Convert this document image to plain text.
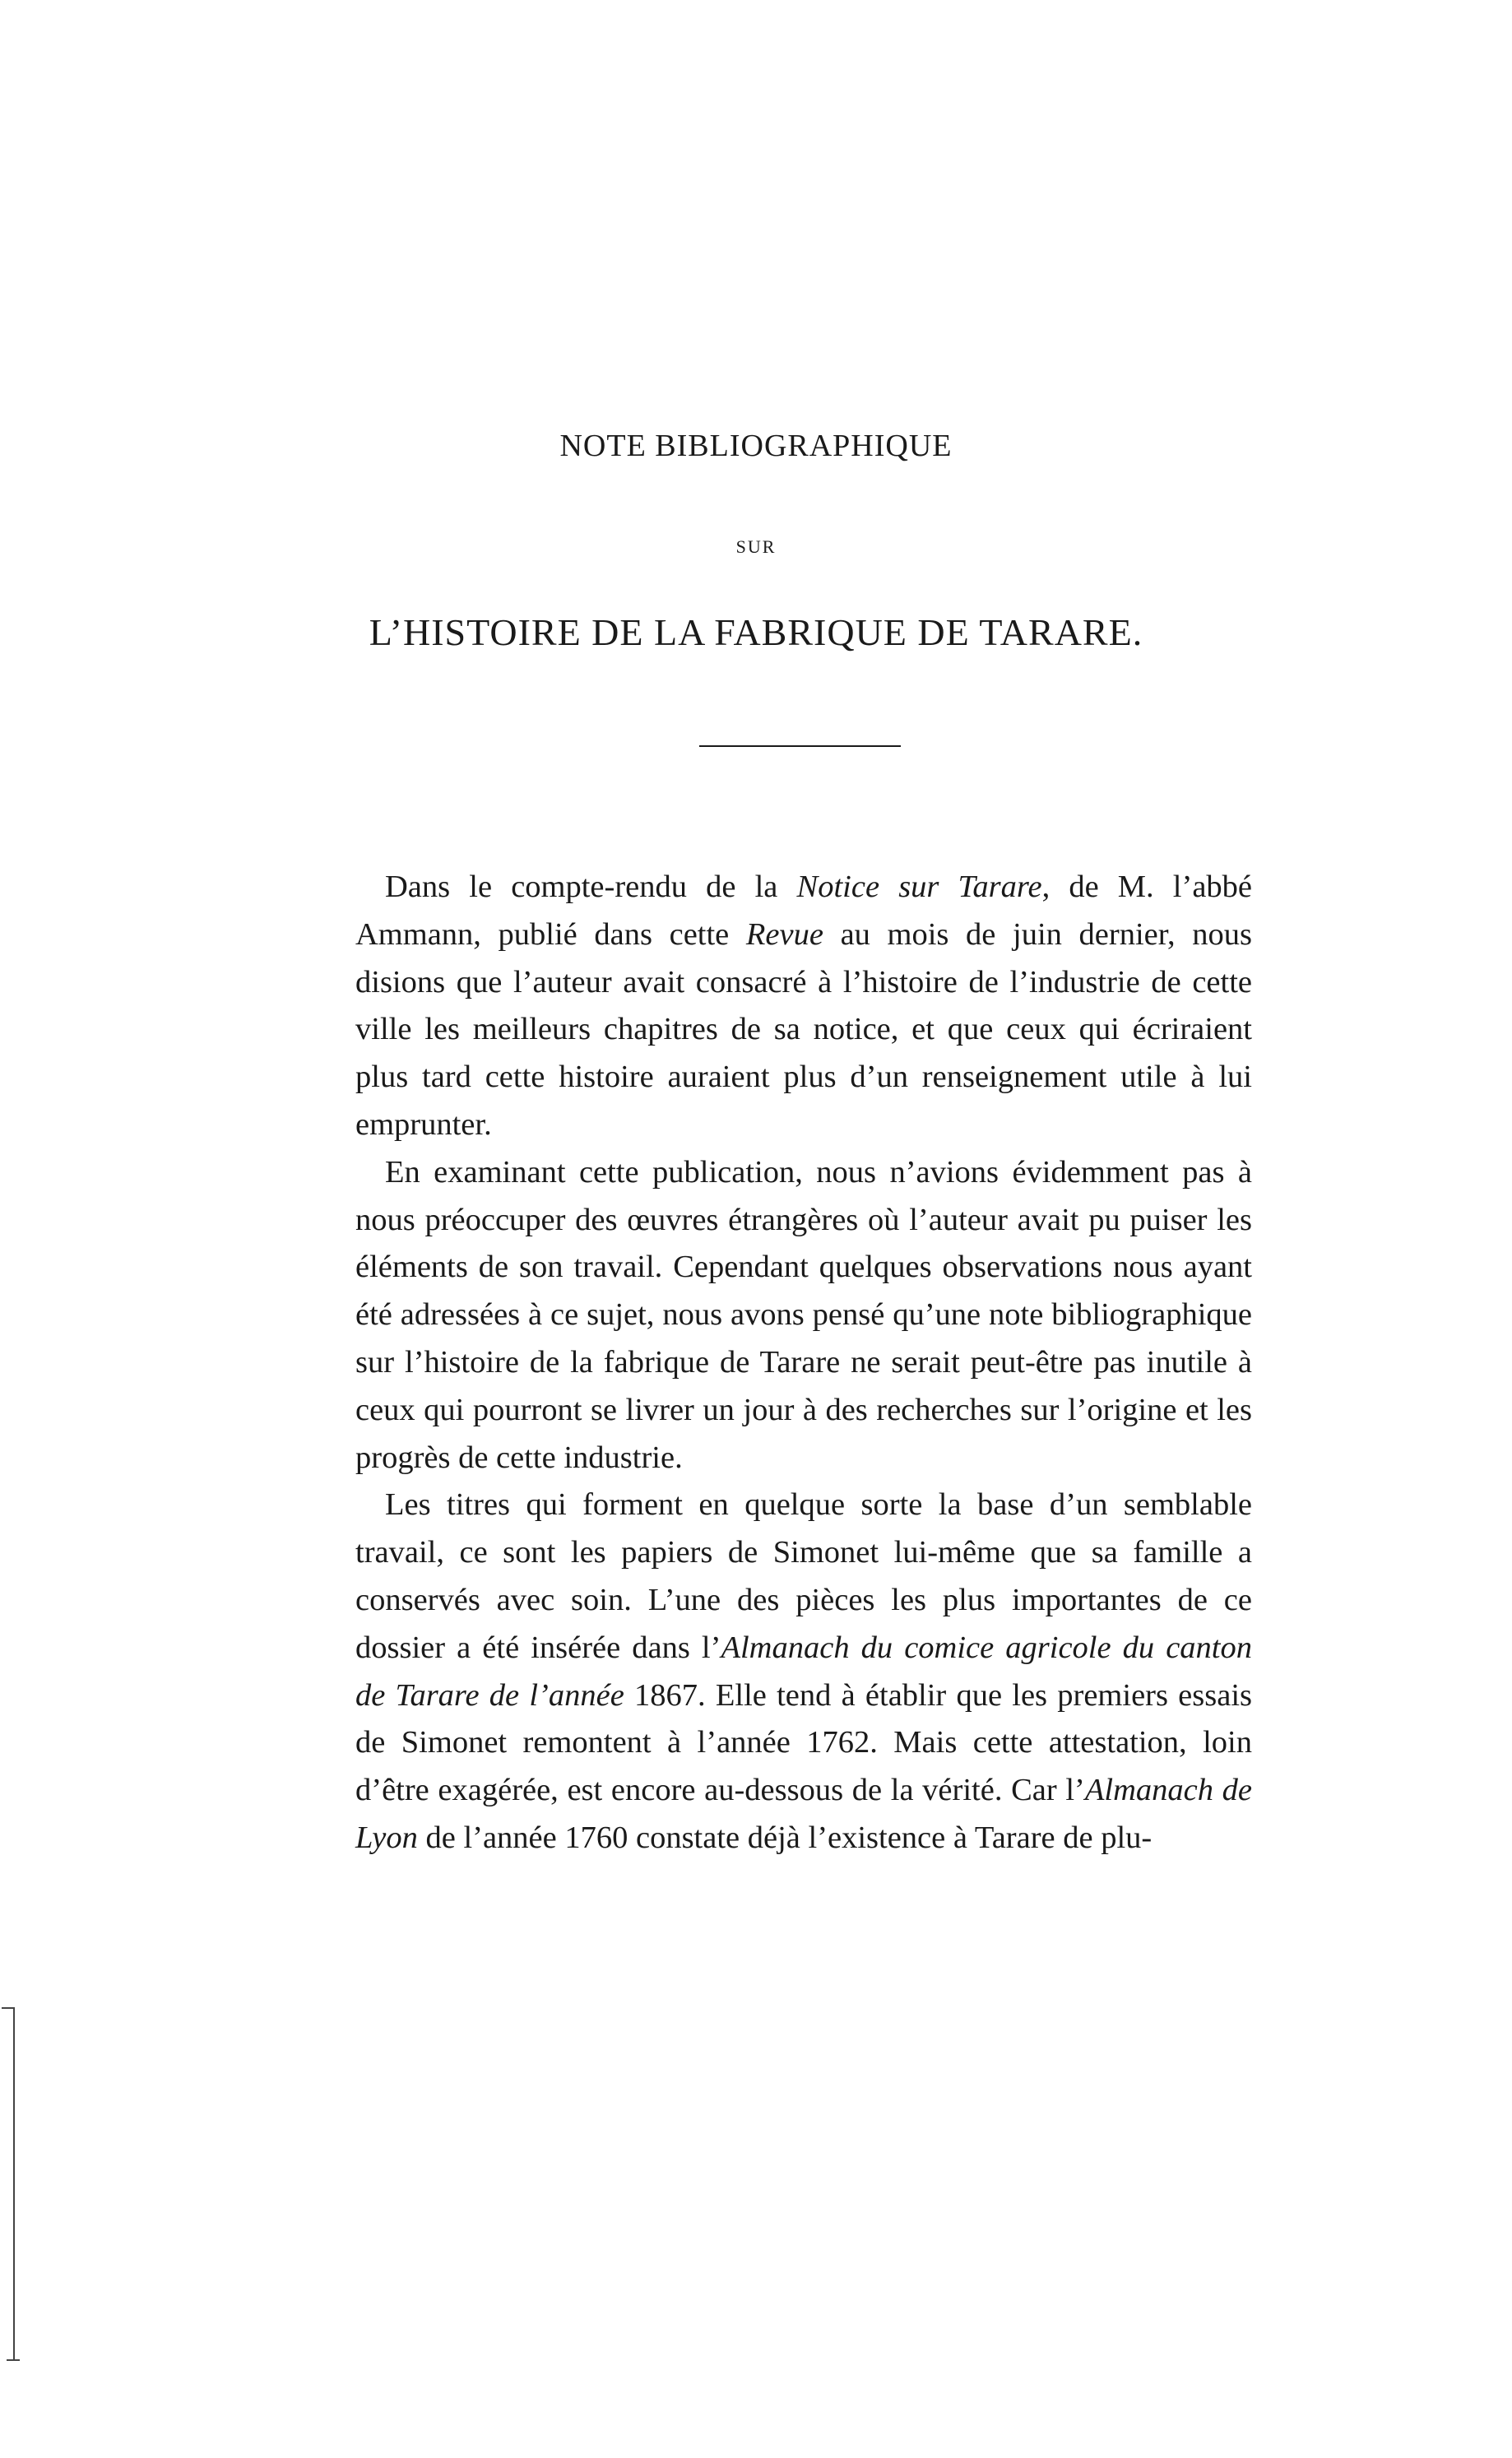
NOTE BIBLIOGRAPHIQUE
SUR
L’HISTOIRE DE LA FABRIQUE DE TARARE.

Dans le compte-rendu de la Notice sur Tarare, de M. l’abbé Ammann, publié dans cette Revue au mois de juin dernier, nous disions que l’auteur avait consacré à l’histoire de l’industrie de cette ville les meilleurs chapitres de sa notice, et que ceux qui écriraient plus tard cette histoire auraient plus d’un renseignement utile à lui emprunter.

En examinant cette publication, nous n’avions évidemment pas à nous préoccuper des œuvres étrangères où l’auteur avait pu puiser les éléments de son travail. Cependant quelques observations nous ayant été adressées à ce sujet, nous avons pensé qu’une note bibliographique sur l’histoire de la fabrique de Tarare ne serait peut-être pas inutile à ceux qui pourront se livrer un jour à des recherches sur l’origine et les progrès de cette industrie.

Les titres qui forment en quelque sorte la base d’un semblable travail, ce sont les papiers de Simonet lui-même que sa famille a conservés avec soin. L’une des pièces les plus importantes de ce dossier a été insérée dans l’Almanach du comice agricole du canton de Tarare de l’année 1867. Elle tend à établir que les premiers essais de Simonet remontent à l’année 1762. Mais cette attestation, loin d’être exagérée, est encore au-dessous de la vérité. Car l’Almanach de Lyon de l’année 1760 constate déjà l’existence à Tarare de plu-
